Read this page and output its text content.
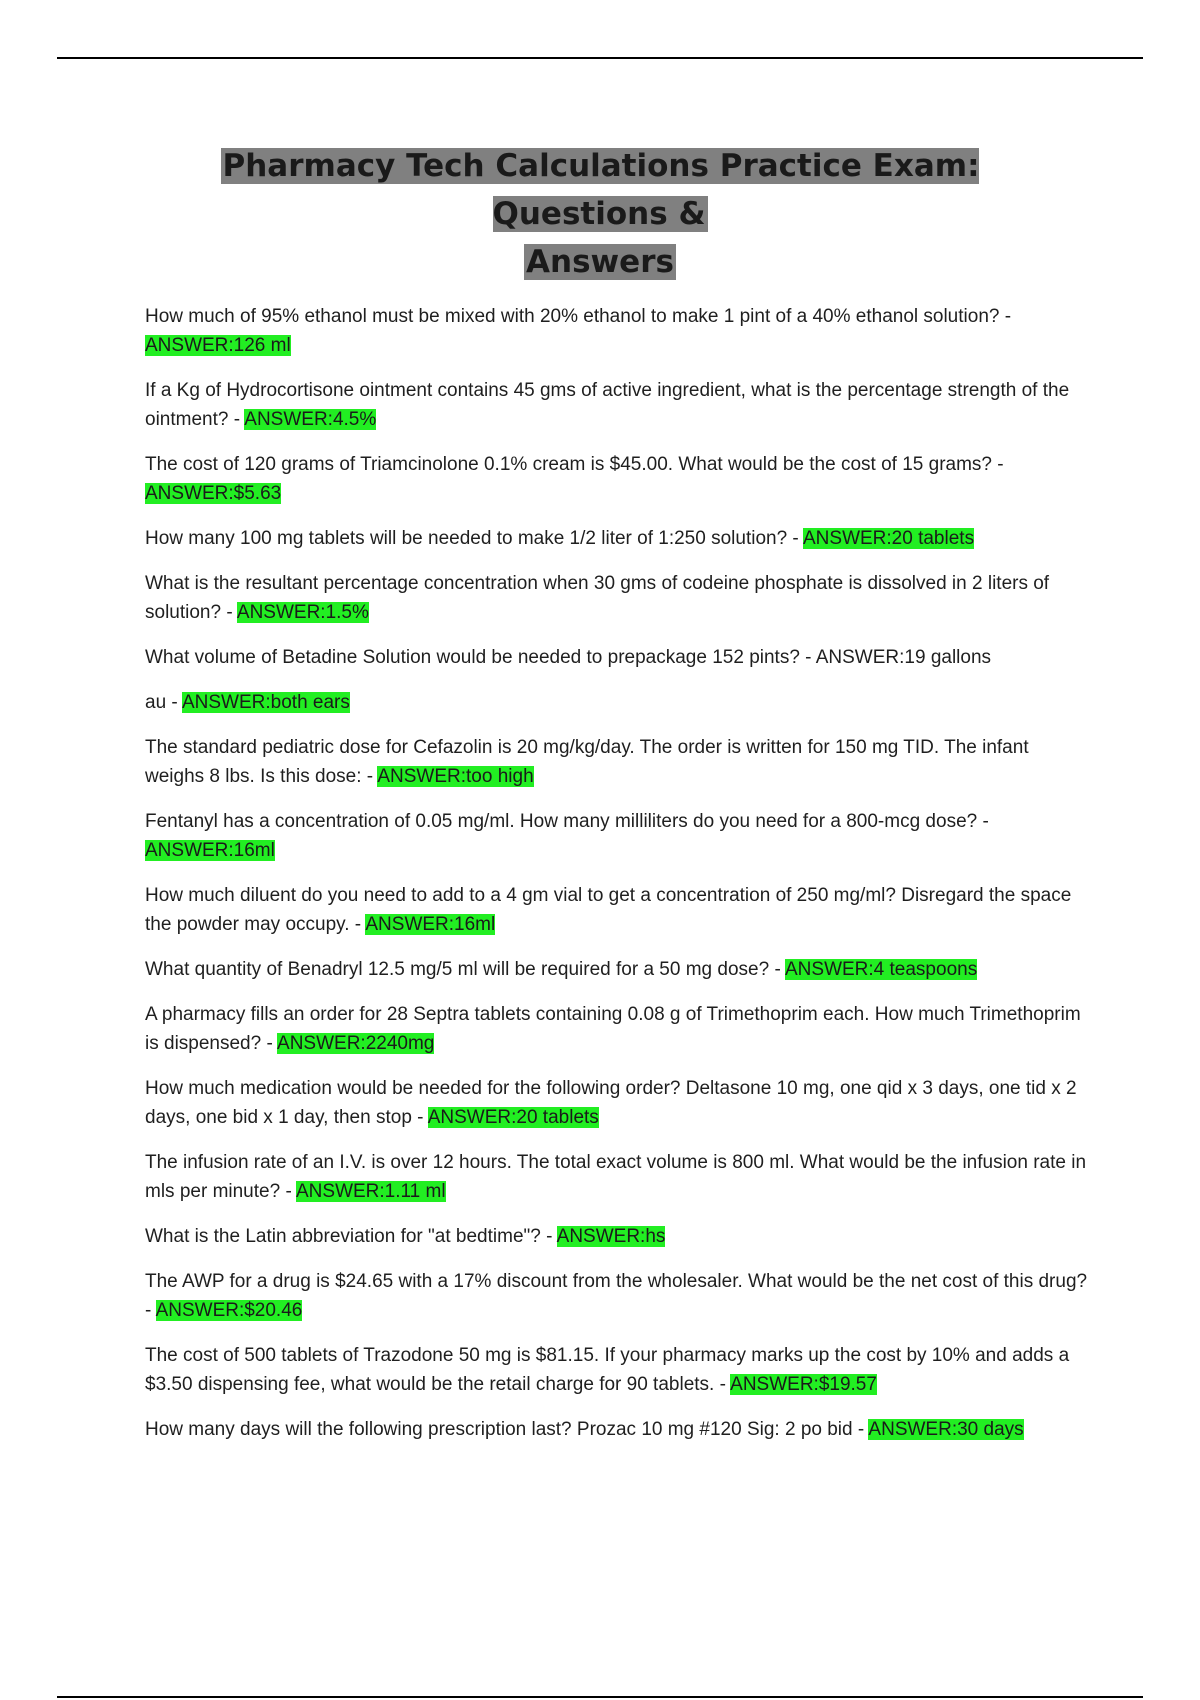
Pharmacy Tech Calculations Practice Exam: Questions &
Answers
How much of 95% ethanol must be mixed with 20% ethanol to make 1 pint of a 40% ethanol solution? - ANSWER:126 ml
If a Kg of Hydrocortisone ointment contains 45 gms of active ingredient, what is the percentage strength of the ointment? - ANSWER:4.5%
The cost of 120 grams of Triamcinolone 0.1% cream is $45.00. What would be the cost of 15 grams? - ANSWER:$5.63
How many 100 mg tablets will be needed to make 1/2 liter of 1:250 solution? - ANSWER:20 tablets
What is the resultant percentage concentration when 30 gms of codeine phosphate is dissolved in 2 liters of solution? - ANSWER:1.5%
What volume of Betadine Solution would be needed to prepackage 152 pints? - ANSWER:19 gallons
au - ANSWER:both ears
The standard pediatric dose for Cefazolin is 20 mg/kg/day. The order is written for 150 mg TID. The infant weighs 8 lbs. Is this dose: - ANSWER:too high
Fentanyl has a concentration of 0.05 mg/ml. How many milliliters do you need for a 800-mcg dose? - ANSWER:16ml
How much diluent do you need to add to a 4 gm vial to get a concentration of 250 mg/ml? Disregard the space the powder may occupy. - ANSWER:16ml
What quantity of Benadryl 12.5 mg/5 ml will be required for a 50 mg dose? - ANSWER:4 teaspoons
A pharmacy fills an order for 28 Septra tablets containing 0.08 g of Trimethoprim each. How much Trimethoprim is dispensed? - ANSWER:2240mg
How much medication would be needed for the following order? Deltasone 10 mg, one qid x 3 days, one tid x 2 days, one bid x 1 day, then stop - ANSWER:20 tablets
The infusion rate of an I.V. is over 12 hours. The total exact volume is 800 ml. What would be the infusion rate in mls per minute? - ANSWER:1.11 ml
What is the Latin abbreviation for "at bedtime"? - ANSWER:hs
The AWP for a drug is $24.65 with a 17% discount from the wholesaler. What would be the net cost of this drug? - ANSWER:$20.46
The cost of 500 tablets of Trazodone 50 mg is $81.15. If your pharmacy marks up the cost by 10% and adds a $3.50 dispensing fee, what would be the retail charge for 90 tablets. - ANSWER:$19.57
How many days will the following prescription last? Prozac 10 mg #120 Sig: 2 po bid - ANSWER:30 days
